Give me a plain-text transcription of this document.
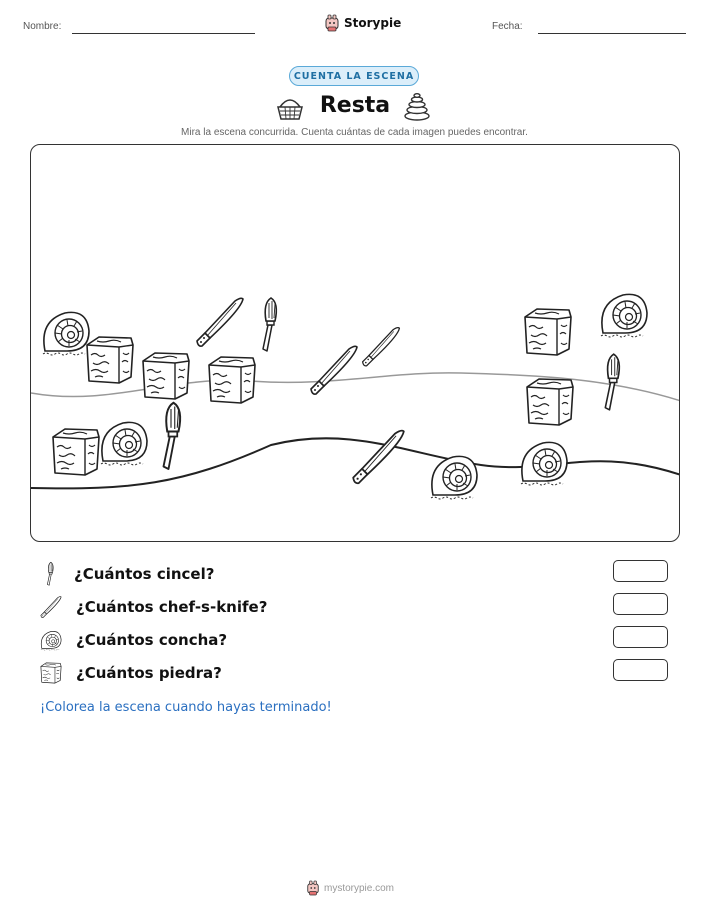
Nombre:	Storypie	Fecha:
CUENTA LA ESCENA
Resta
Mira la escena concurrida. Cuenta cuántas de cada imagen puedes encontrar.
¿Cuántos cincel?
¿Cuántos chef-s-knife?
¿Cuántos concha?
¿Cuántos piedra?
¡Colorea la escena cuando hayas terminado!
mystorypie.com
